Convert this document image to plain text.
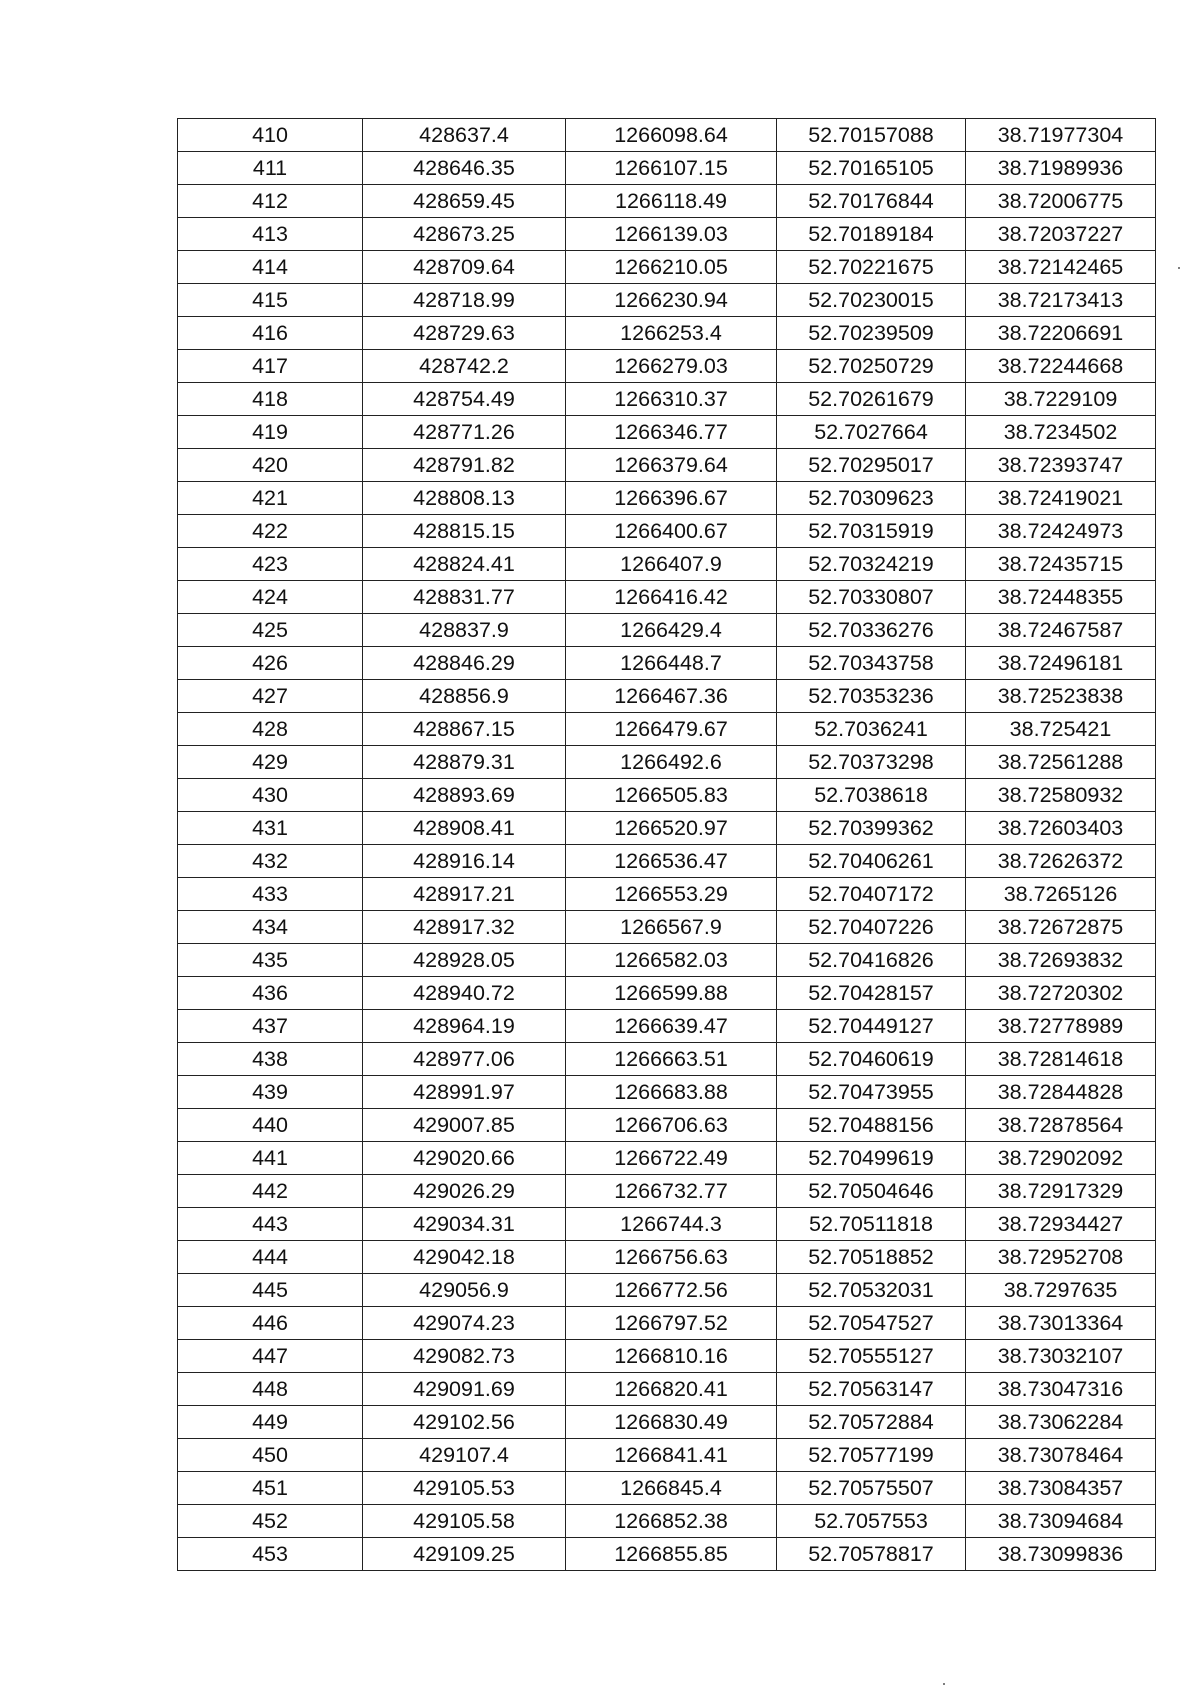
410	428637.4	1266098.64	52.70157088	38.71977304
411	428646.35	1266107.15	52.70165105	38.71989936
412	428659.45	1266118.49	52.70176844	38.72006775
413	428673.25	1266139.03	52.70189184	38.72037227
414	428709.64	1266210.05	52.70221675	38.72142465
415	428718.99	1266230.94	52.70230015	38.72173413
416	428729.63	1266253.4	52.70239509	38.72206691
417	428742.2	1266279.03	52.70250729	38.72244668
418	428754.49	1266310.37	52.70261679	38.7229109
419	428771.26	1266346.77	52.7027664	38.7234502
420	428791.82	1266379.64	52.70295017	38.72393747
421	428808.13	1266396.67	52.70309623	38.72419021
422	428815.15	1266400.67	52.70315919	38.72424973
423	428824.41	1266407.9	52.70324219	38.72435715
424	428831.77	1266416.42	52.70330807	38.72448355
425	428837.9	1266429.4	52.70336276	38.72467587
426	428846.29	1266448.7	52.70343758	38.72496181
427	428856.9	1266467.36	52.70353236	38.72523838
428	428867.15	1266479.67	52.7036241	38.725421
429	428879.31	1266492.6	52.70373298	38.72561288
430	428893.69	1266505.83	52.7038618	38.72580932
431	428908.41	1266520.97	52.70399362	38.72603403
432	428916.14	1266536.47	52.70406261	38.72626372
433	428917.21	1266553.29	52.70407172	38.7265126
434	428917.32	1266567.9	52.70407226	38.72672875
435	428928.05	1266582.03	52.70416826	38.72693832
436	428940.72	1266599.88	52.70428157	38.72720302
437	428964.19	1266639.47	52.70449127	38.72778989
438	428977.06	1266663.51	52.70460619	38.72814618
439	428991.97	1266683.88	52.70473955	38.72844828
440	429007.85	1266706.63	52.70488156	38.72878564
441	429020.66	1266722.49	52.70499619	38.72902092
442	429026.29	1266732.77	52.70504646	38.72917329
443	429034.31	1266744.3	52.70511818	38.72934427
444	429042.18	1266756.63	52.70518852	38.72952708
445	429056.9	1266772.56	52.70532031	38.7297635
446	429074.23	1266797.52	52.70547527	38.73013364
447	429082.73	1266810.16	52.70555127	38.73032107
448	429091.69	1266820.41	52.70563147	38.73047316
449	429102.56	1266830.49	52.70572884	38.73062284
450	429107.4	1266841.41	52.70577199	38.73078464
451	429105.53	1266845.4	52.70575507	38.73084357
452	429105.58	1266852.38	52.7057553	38.73094684
453	429109.25	1266855.85	52.70578817	38.73099836
